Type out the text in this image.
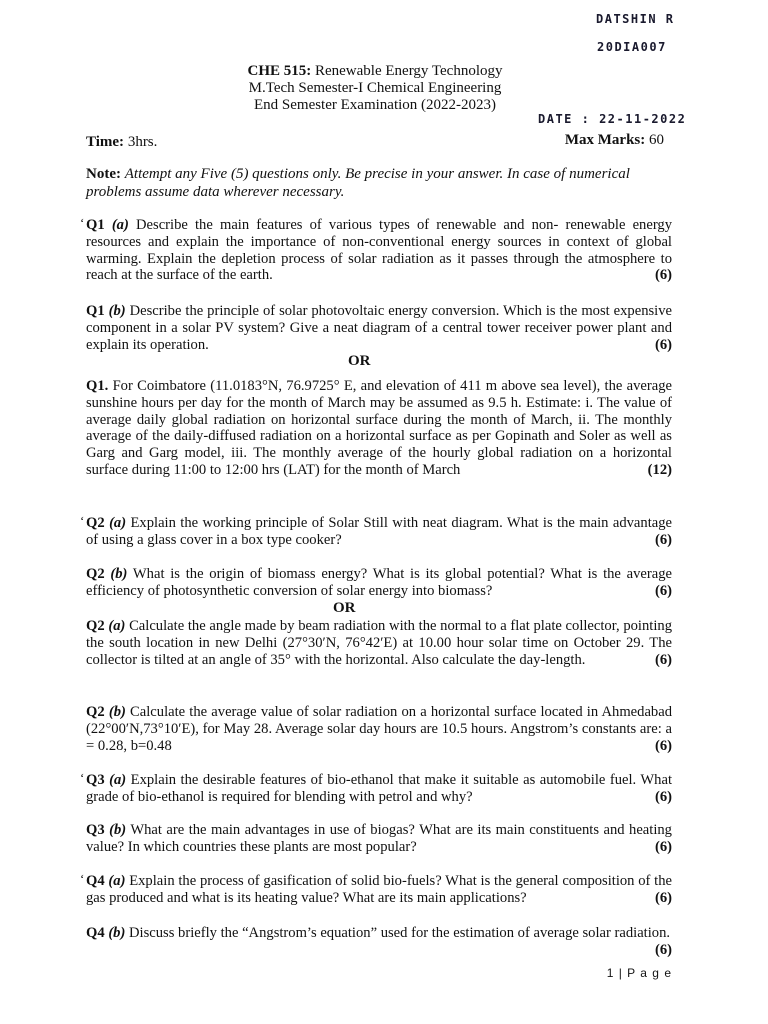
DATSHIN R
20DIA007
CHE 515: Renewable Energy Technology
M.Tech Semester-I Chemical Engineering
End Semester Examination (2022-2023)
DATE : 22-11-2022
Time: 3hrs.	Max Marks: 60
Note: Attempt any Five (5) questions only. Be precise in your answer. In case of numerical problems assume data wherever necessary.
ʻ Q1 (a) Describe the main features of various types of renewable and non- renewable energy resources and explain the importance of non-conventional energy sources in context of global warming. Explain the depletion process of solar radiation as it passes through the atmosphere to reach at the surface of the earth.	(6)
Q1 (b) Describe the principle of solar photovoltaic energy conversion. Which is the most expensive component in a solar PV system? Give a neat diagram of a central tower receiver power plant and explain its operation.	(6)
OR
Q1. For Coimbatore (11.0183°N, 76.9725° E, and elevation of 411 m above sea level), the average sunshine hours per day for the month of March may be assumed as 9.5 h. Estimate: i. The value of average daily global radiation on horizontal surface during the month of March, ii. The monthly average of the daily-diffused radiation on a horizontal surface as per Gopinath and Soler as well as Garg and Garg model, iii. The monthly average of the hourly global radiation on a horizontal surface during 11:00 to 12:00 hrs (LAT) for the month of March	(12)
ʻ Q2 (a) Explain the working principle of Solar Still with neat diagram. What is the main advantage of using a glass cover in a box type cooker?	(6)
Q2 (b) What is the origin of biomass energy? What is its global potential? What is the average efficiency of photosynthetic conversion of solar energy into biomass?	(6)
OR
Q2 (a) Calculate the angle made by beam radiation with the normal to a flat plate collector, pointing the south location in new Delhi (27°30′N, 76°42′E) at 10.00 hour solar time on October 29. The collector is tilted at an angle of 35° with the horizontal. Also calculate the day-length.	(6)
Q2 (b) Calculate the average value of solar radiation on a horizontal surface located in Ahmedabad (22°00′N,73°10′E), for May 28. Average solar day hours are 10.5 hours. Angstrom’s constants are: a = 0.28, b=0.48	(6)
ʻ Q3 (a) Explain the desirable features of bio-ethanol that make it suitable as automobile fuel. What grade of bio-ethanol is required for blending with petrol and why?	(6)
Q3 (b) What are the main advantages in use of biogas? What are its main constituents and heating value? In which countries these plants are most popular?	(6)
ʻ Q4 (a) Explain the process of gasification of solid bio-fuels? What is the general composition of the gas produced and what is its heating value? What are its main applications?	(6)
Q4 (b) Discuss briefly the “Angstrom’s equation” used for the estimation of average solar radiation.
(6)
1 | P a g e
